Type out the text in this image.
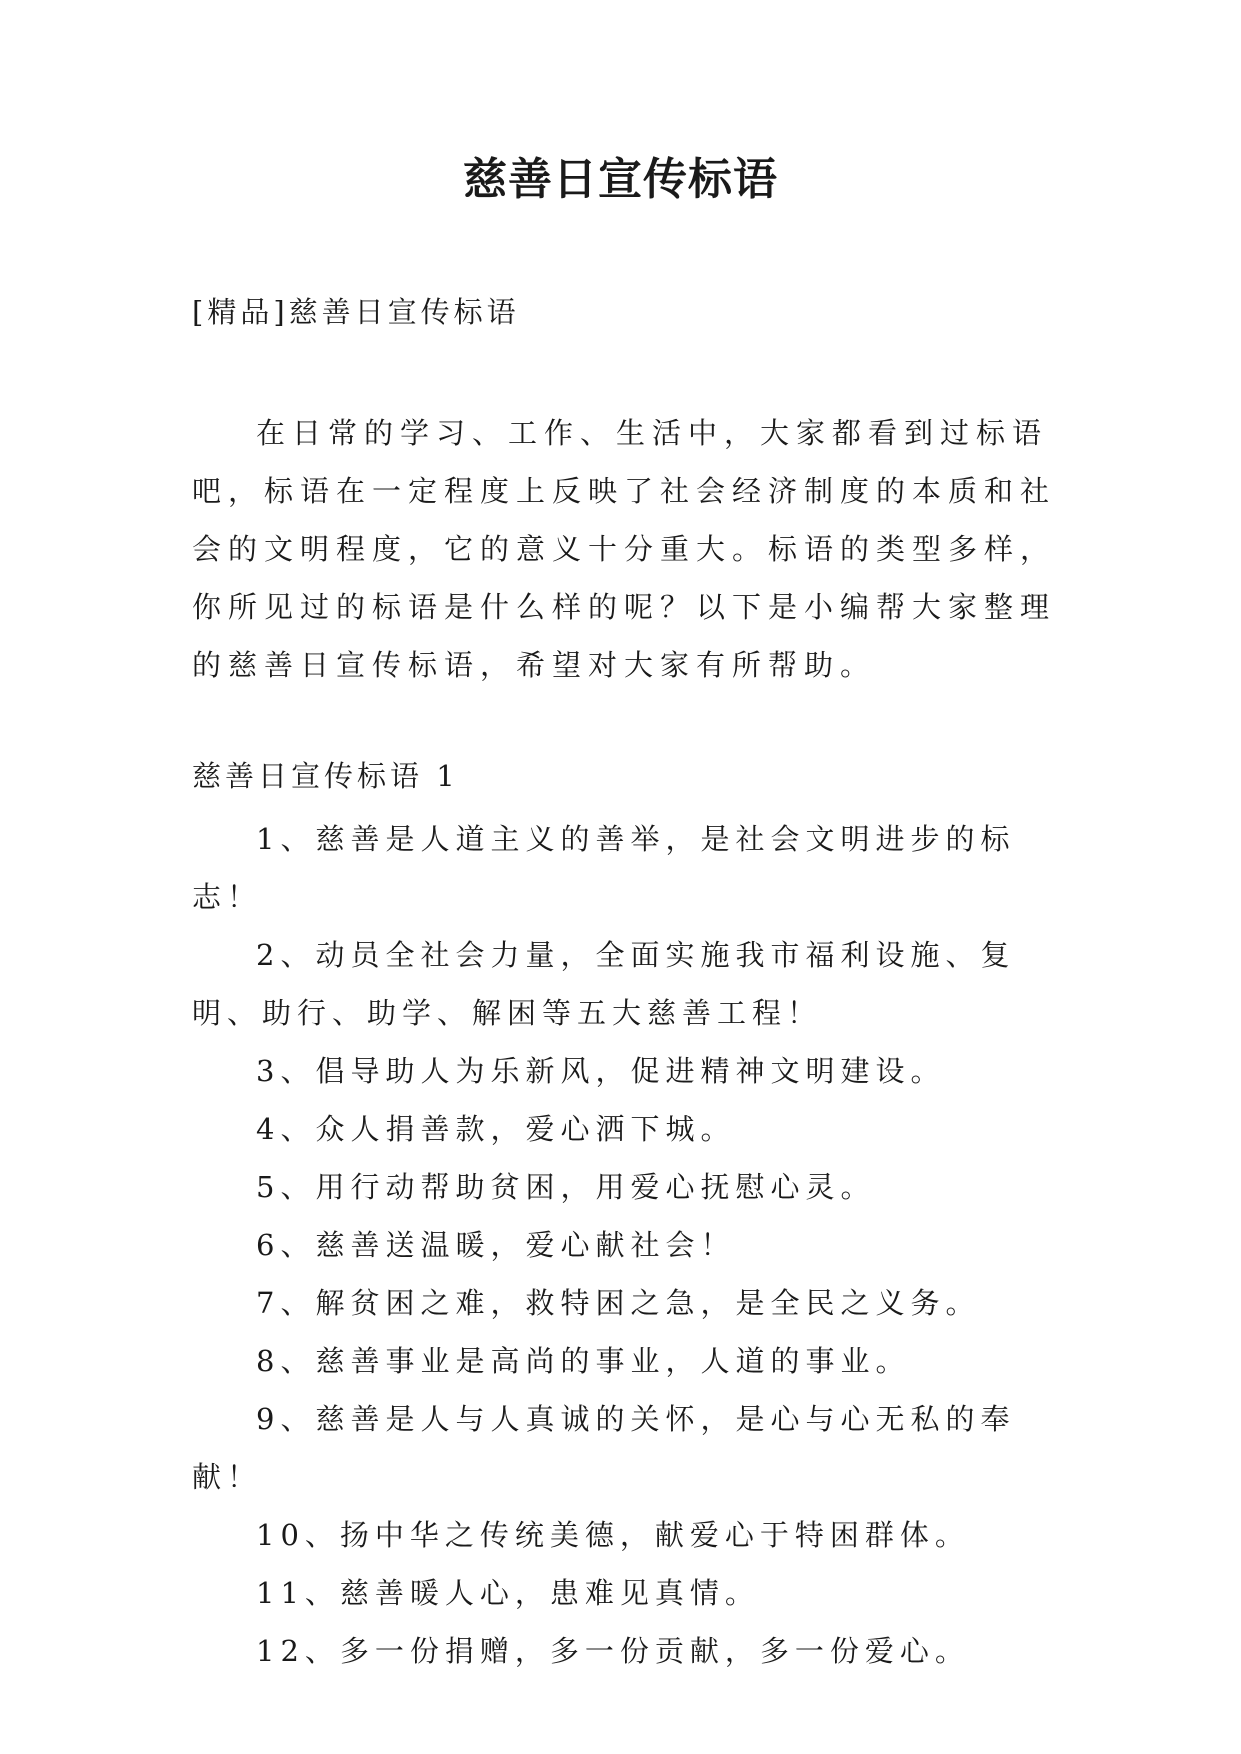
慈善日宣传标语
[精品]慈善日宣传标语

在日常的学习、工作、生活中，大家都看到过标语吧，标语在一定程度上反映了社会经济制度的本质和社会的文明程度，它的意义十分重大。标语的类型多样，你所见过的标语是什么样的呢？以下是小编帮大家整理的慈善日宣传标语，希望对大家有所帮助。

慈善日宣传标语 1
1、慈善是人道主义的善举，是社会文明进步的标志！
2、动员全社会力量，全面实施我市福利设施、复明、助行、助学、解困等五大慈善工程！
3、倡导助人为乐新风，促进精神文明建设。
4、众人捐善款，爱心洒下城。
5、用行动帮助贫困，用爱心抚慰心灵。
6、慈善送温暖，爱心献社会！
7、解贫困之难，救特困之急，是全民之义务。
8、慈善事业是高尚的事业，人道的事业。
9、慈善是人与人真诚的关怀，是心与心无私的奉献！
10、扬中华之传统美德，献爱心于特困群体。
11、慈善暖人心，患难见真情。
12、多一份捐赠，多一份贡献，多一份爱心。
